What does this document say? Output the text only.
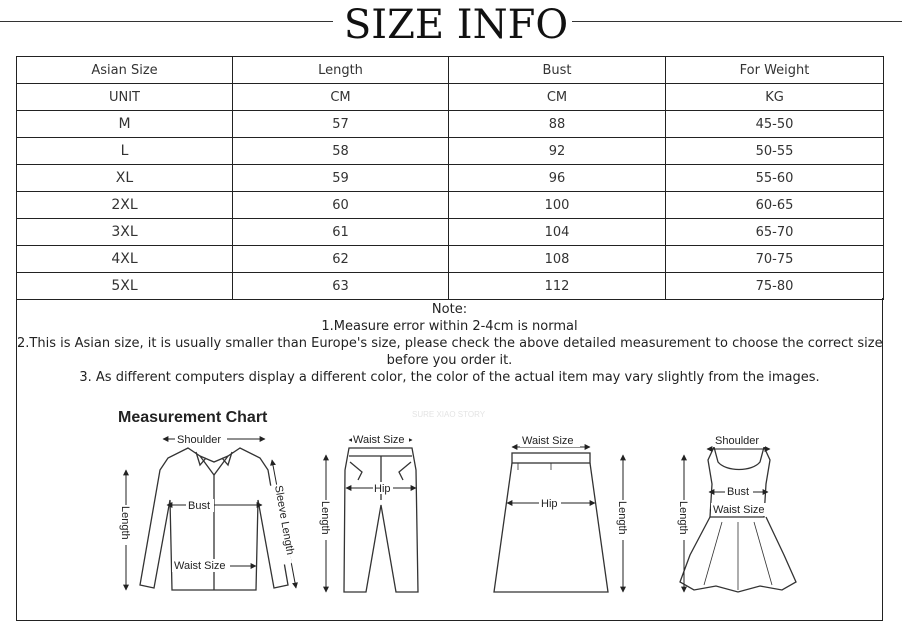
SIZE INFO
Asian Size	Length	Bust	For Weight
UNIT	CM	CM	KG
M	57	88	45-50
L	58	92	50-55
XL	59	96	55-60
2XL	60	100	60-65
3XL	61	104	65-70
4XL	62	108	70-75
5XL	63	112	75-80
Note:
1.Measure error within 2-4cm is normal
2.This is Asian size, it is usually smaller than Europe's size, please check the above detailed measurement to choose the correct size
before you order it.
3. As different computers display a different color, the color of the actual item may vary slightly from the images.
Measurement Chart	SURE XIAO STORY
Shoulder
Bust
Waist Size
Length	Sleeve Length
Waist Size
Hip
Length
Waist Size
Hip	Length
Shoulder
Bust
Waist Size
Length
